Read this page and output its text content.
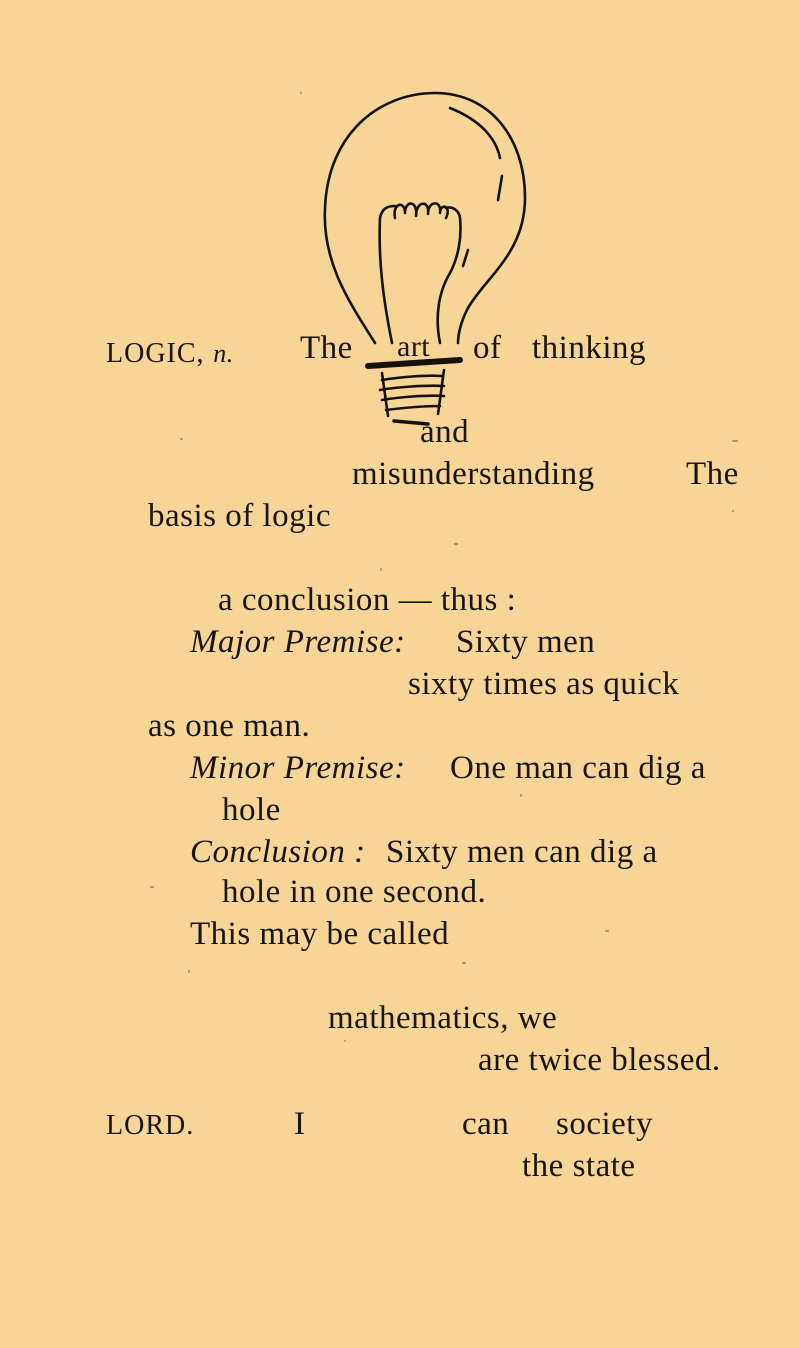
LOGIC, n. The art of thinking
and
misunderstanding	The
basis of logic
a conclusion — thus :
Major Premise: Sixty men
sixty times as quick
as one man.
Minor Premise: One man can dig a
hole
Conclusion : Sixty men can dig a
hole in one second.
This may be called
mathematics, we
are twice blessed.
LORD.	I	can society
the state
